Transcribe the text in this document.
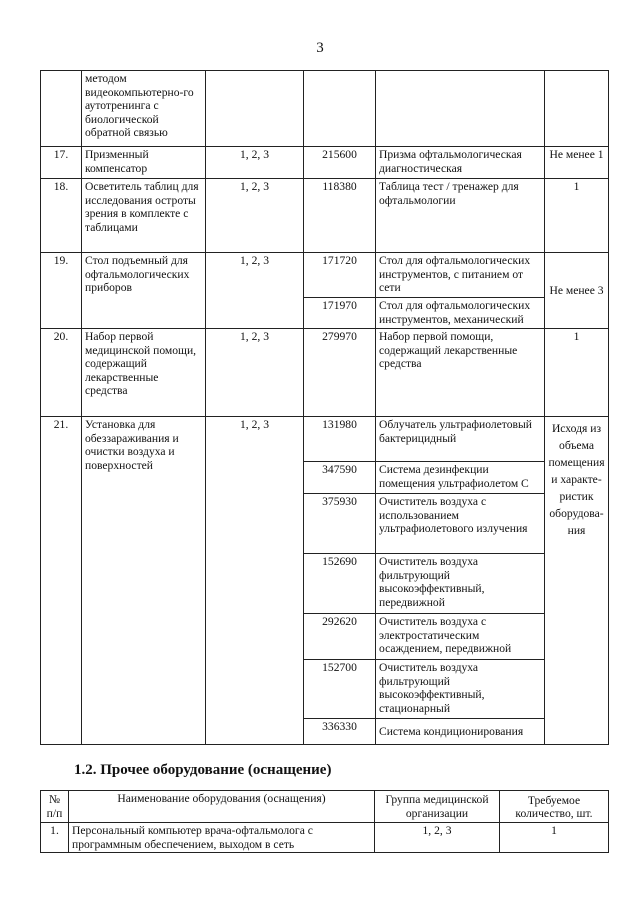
3
	методом видеокомпьютерно-го аутотренинга с биологической обратной связью				
17.	Призменный компенсатор	1, 2, 3	215600	Призма офтальмологическая диагностическая	Не менее 1
18.	Осветитель таблиц для исследования остроты зрения в комплекте с таблицами	1, 2, 3	118380	Таблица тест / тренажер для офтальмологии	1
19.	Стол подъемный для офтальмологических приборов	1, 2, 3	171720	Стол для офтальмологических инструментов, с питанием от сети	Не менее 3
			171970	Стол для офтальмологических инструментов, механический	
20.	Набор первой медицинской помощи, содержащий лекарственные средства	1, 2, 3	279970	Набор первой помощи, содержащий лекарственные средства	1
21.	Установка для обеззараживания и очистки воздуха и поверхностей	1, 2, 3	131980	Облучатель ультрафиолетовый бактерицидный	Исходя из объема помещения и характе-ристик оборудова-ния
			347590	Система дезинфекции помещения ультрафиолетом С	
			375930	Очиститель воздуха с использованием ультрафиолетового излучения	
			152690	Очиститель воздуха фильтрующий высокоэффективный, передвижной	
			292620	Очиститель воздуха с электростатическим осаждением, передвижной	
			152700	Очиститель воздуха фильтрующий высокоэффективный, стационарный	
			336330	Система кондиционирования	
1.2. Прочее оборудование (оснащение)
№ п/п	Наименование оборудования (оснащения)	Группа медицинской организации	Требуемое количество, шт.
1.	Персональный компьютер врача-офтальмолога с программным обеспечением, выходом в сеть	1, 2, 3	1
